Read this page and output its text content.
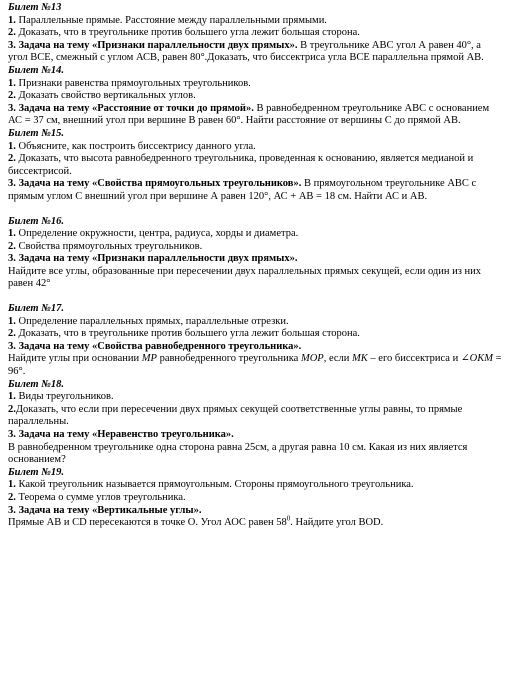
Билет №13

1. Параллельные прямые. Расстояние между параллельными прямыми.

2. Доказать, что в треугольнике против большего угла лежит большая сторона.

3. Задача на тему «Признаки параллельности двух прямых». В треугольнике АВС угол А равен 40°, а угол ВСЕ, смежный с углом АСВ, равен 80°.Доказать, что биссектриса угла ВСЕ параллельна прямой АВ.

Билет №14.

1. Признаки равенства прямоугольных треугольников.

2. Доказать свойство вертикальных углов.

3. Задача на тему «Расстояние от точки до прямой». В равнобедренном треугольнике АВС с основанием АС = 37 см, внешний угол при вершине В равен 60°. Найти расстояние от вершины С до прямой АВ.

Билет №15.

1. Объясните, как построить биссектрису данного угла.

2. Доказать, что высота равнобедренного треугольника, проведенная к основанию, является медианой и биссектрисой.

3. Задача на тему «Свойства прямоугольных треугольников». В прямоугольном треугольнике АВС с прямым углом С внешний угол при вершине А равен 120°, АС + АВ = 18 см. Найти АС и АВ.

Билет №16.

1. Определение окружности, центра, радиуса, хорды и диаметра.

2. Свойства прямоугольных треугольников.

3. Задача на тему «Признаки параллельности двух прямых».

Найдите все углы, образованные при пересечении двух параллельных прямых секущей, если один из них равен 42°

Билет №17.

1. Определение параллельных прямых, параллельные отрезки.

2. Доказать, что в треугольнике против большего угла лежит большая сторона.

3. Задача на тему «Свойства равнобедренного треугольника».

Найдите углы при основании MP равнобедренного треугольника MOP, если MK – его биссектриса и ∠OKM = 96°.

Билет №18.

1. Виды треугольников.

2.Доказать, что если при пересечении двух прямых секущей соответственные углы равны, то прямые параллельны.

3. Задача на тему «Неравенство треугольника».

В равнобедренном треугольнике одна сторона равна 25см, а другая равна 10 см. Какая из них является основанием?

Билет №19.

1. Какой треугольник называется прямоугольным. Стороны прямоугольного треугольника.

2. Теорема о сумме углов треугольника.

3. Задача на тему «Вертикальные углы».

Прямые АВ и CD пересекаются в точке О. Угол АОС равен $58^0$. Найдите угол BOD.
